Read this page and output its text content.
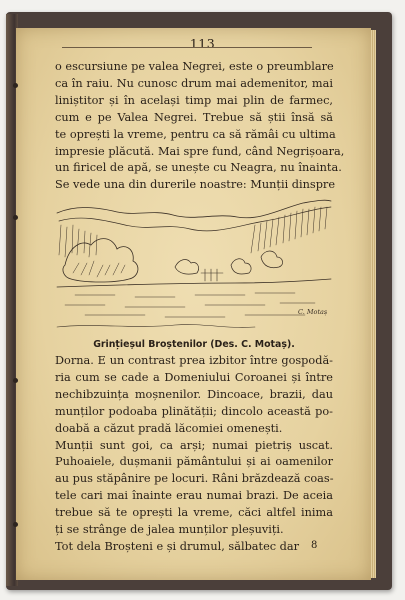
113
o escursiune pe valea Negrei, este o preumblare
ca în raiu. Nu cunosc drum mai ademenitor, mai
liniștitor și în același timp mai plin de farmec,
cum e pe Valea Negrei. Trebue să știi însă să
te oprești la vreme, pentru ca să rămâi cu ultima
impresie plăcută. Mai spre fund, când Negrișoara,
un firicel de apă, se unește cu Neagra, nu înainta.
Se vede una din durerile noastre: Munții dinspre
C. Motaș
Grințieșul Broștenilor (Des. C. Motaș).
Dorna. E un contrast prea izbitor între gospodă-
ria cum se cade a Domeniului Coroanei și între
nechibzuința moșnenilor. Dincoace, brazii, dau
munților podoaba plinătății; dincolo această po-
doabă a căzut pradă lăcomiei omenești.
Munții sunt goi, ca arși; numai pietriș uscat.
Puhoaiele, dușmanii pământului și ai oamenilor
au pus stăpânire pe locuri. Râni brăzdează coas-
tele cari mai înainte erau numai brazi. De aceia
trebue să te oprești la vreme, căci altfel inima
ți se strânge de jalea munților pleșuviți.
Tot dela Broșteni e și drumul, sălbatec dar	8
